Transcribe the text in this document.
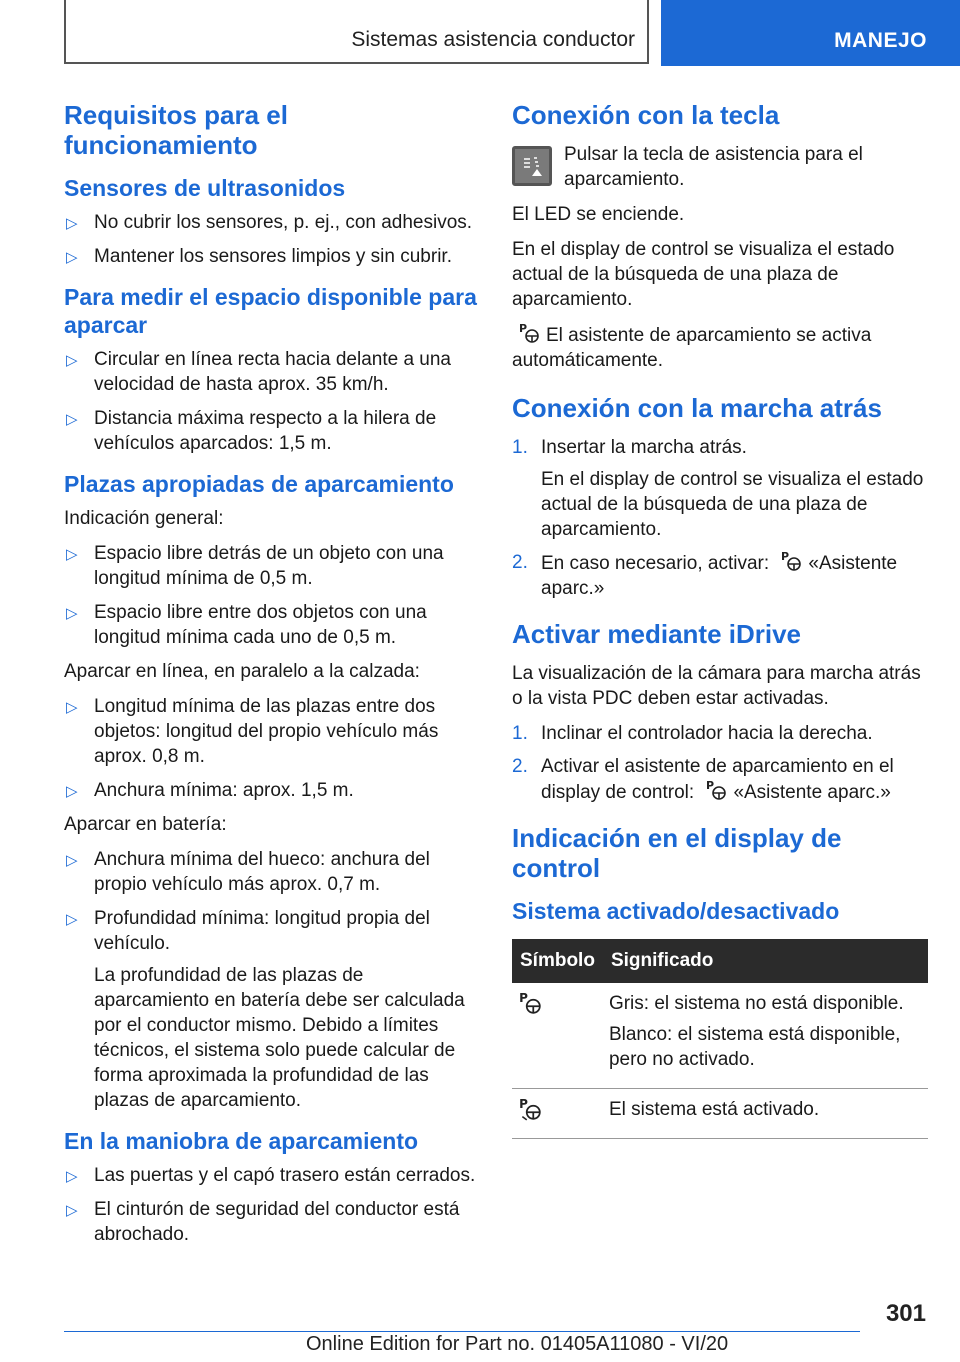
Sistemas asistencia conductor	MANEJO
Requisitos para el funcionamiento
Sensores de ultrasonidos
▷ No cubrir los sensores, p. ej., con adhesivos.
▷ Mantener los sensores limpios y sin cubrir.
Para medir el espacio disponible para aparcar
▷ Circular en línea recta hacia delante a una velocidad de hasta aprox. 35 km/h.
▷ Distancia máxima respecto a la hilera de vehículos aparcados: 1,5 m.
Plazas apropiadas de aparcamiento

Indicación general:

▷ Espacio libre detrás de un objeto con una longitud mínima de 0,5 m.
▷ Espacio libre entre dos objetos con una longitud mínima cada uno de 0,5 m.

Aparcar en línea, en paralelo a la calzada:

▷ Longitud mínima de las plazas entre dos objetos: longitud del propio vehículo más aprox. 0,8 m.
▷ Anchura mínima: aprox. 1,5 m.

Aparcar en batería:

▷ Anchura mínima del hueco: anchura del propio vehículo más aprox. 0,7 m.
▷ Profundidad mínima: longitud propia del vehículo.
La profundidad de las plazas de aparcamiento en batería debe ser calculada por el conductor mismo. Debido a límites técnicos, el sistema solo puede calcular de forma aproximada la profundidad de las plazas de aparcamiento.
En la maniobra de aparcamiento
▷ Las puertas y el capó trasero están cerrados.
▷ El cinturón de seguridad del conductor está abrochado.
Conexión con la tecla

Pulsar la tecla de asistencia para el aparcamiento.

El LED se enciende.

En el display de control se visualiza el estado actual de la búsqueda de una plaza de aparcamiento.

P El asistente de aparcamiento se activa automáticamente.

Conexión con la marcha atrás
1. Insertar la marcha atrás.
En el display de control se visualiza el estado actual de la búsqueda de una plaza de aparcamiento.
2. En caso necesario, activar: P «Asistente aparc.»
Activar mediante iDrive

La visualización de la cámara para marcha atrás o la vista PDC deben estar activadas.

1. Inclinar el controlador hacia la derecha.
2. Activar el asistente de aparcamiento en el display de control: P «Asistente aparc.»
Indicación en el display de control
Sistema activado/desactivado
Símbolo	Significado

P	Gris: el sistema no está disponible.

Blanco: el sistema está disponible, pero no activado.

P	El sistema está activado.
301
Online Edition for Part no. 01405A11080 - VI/20
